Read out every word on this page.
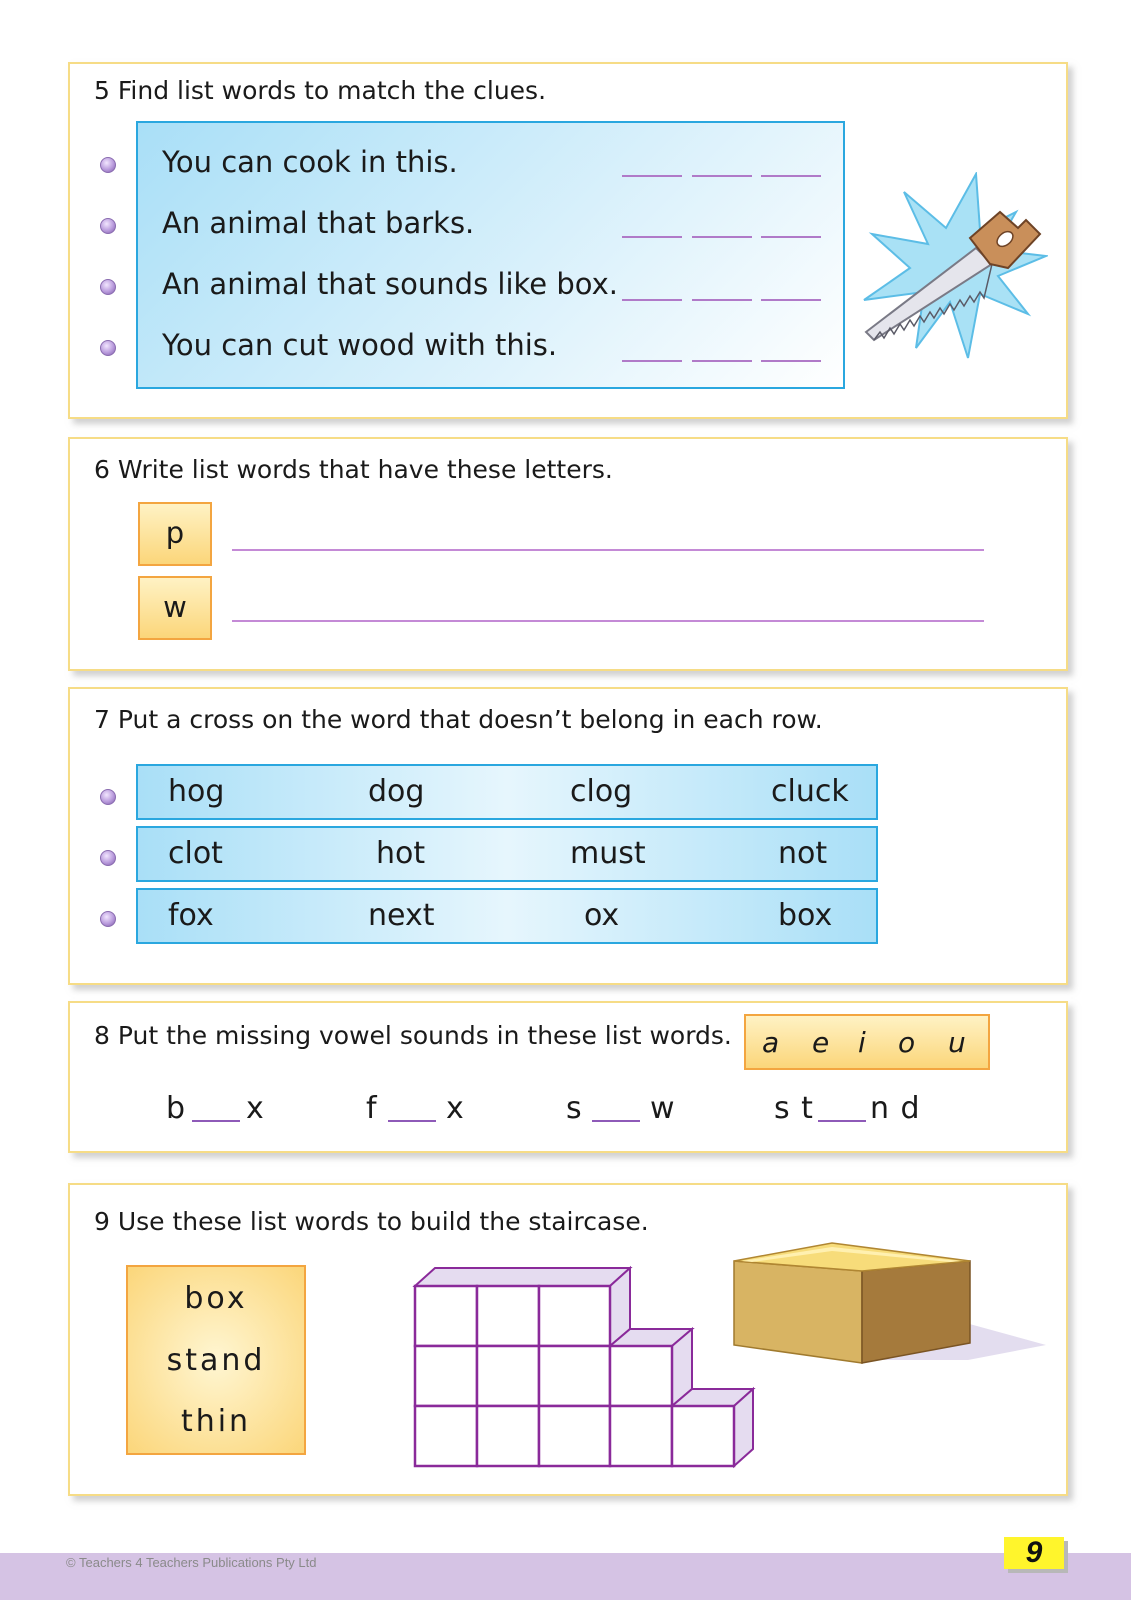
5 Find list words to match the clues.
You can cook in this.
An animal that barks.
An animal that sounds like box.
You can cut wood with this.
6 Write list words that have these letters.
p
w
7 Put a cross on the word that doesn’t belong in each row.
hog	dog	clog	cluck
clot	hot	must	not
fox	next	ox	box
8 Put the missing vowel sounds in these list words. a e i o u
b x	f x	s w	s t n d
9 Use these list words to build the staircase.
box
stand
thin
© Teachers 4 Teachers Publications Pty Ltd	9
